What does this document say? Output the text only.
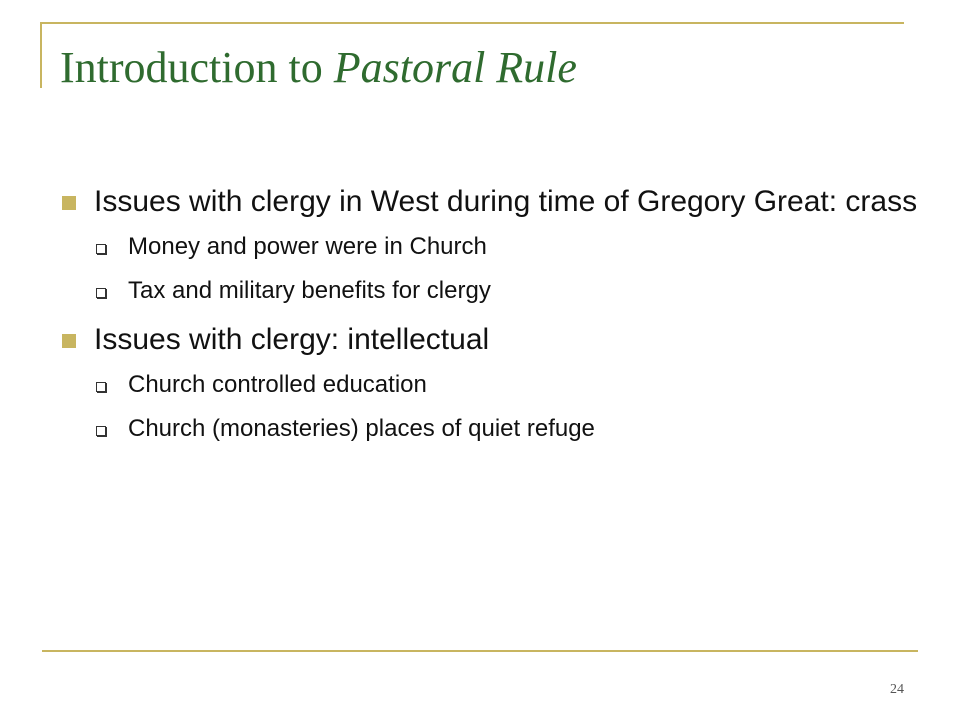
Introduction to Pastoral Rule
Issues with clergy in West during time of Gregory Great: crass
Money and power were in Church
Tax and military benefits for clergy
Issues with clergy: intellectual
Church controlled education
Church (monasteries) places of quiet refuge
24
